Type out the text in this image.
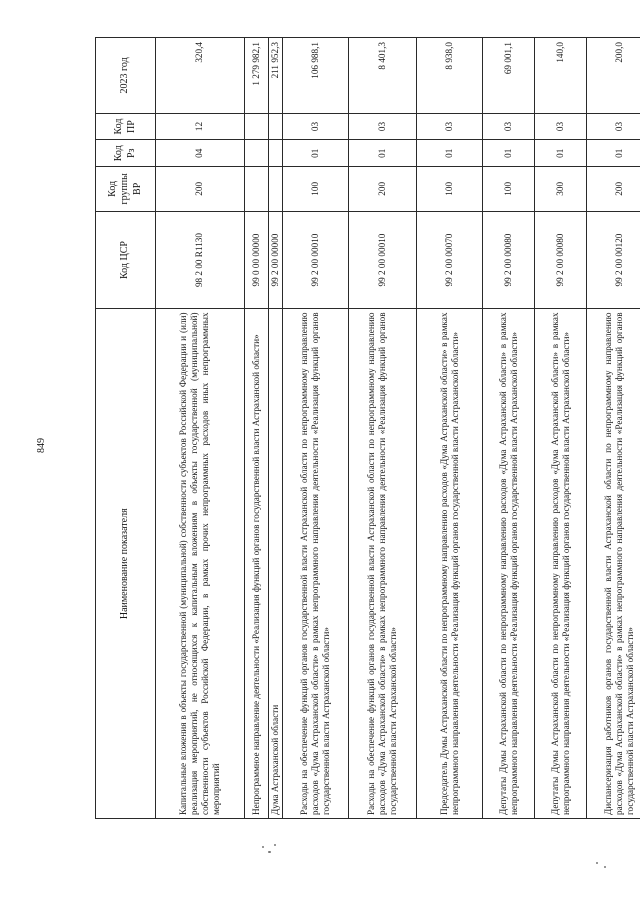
849
Наименование показателя	Код ЦСР	Код группы ВР	Код Рз	Код ПР	2023 год
Капитальные вложения в объекты государственной (муниципальной) собственности субъектов Российской Федерации и (или) реализация мероприятий, не относящихся к капитальным вложениям в объекты государственной (муниципальной) собственности субъектов Российской Федерации, в рамках прочих непрограммных расходов иных непрограммных мероприятий	98 2 00 R1130	200	04	12	320,4
Непрограммное направление деятельности «Реализация функций органов государственной власти Астраханской области»	99 0 00 00000				1 279 982,1
Дума Астраханской области	99 2 00 00000				211 952,3
Расходы на обеспечение функций органов государственной власти Астраханской области по непрограммному направлению расходов «Дума Астраханской области» в рамках непрограммного направления деятельности «Реализация функций органов государственной власти Астраханской области»	99 2 00 00010	100	01	03	106 988,1
Расходы на обеспечение функций органов государственной власти Астраханской области по непрограммному направлению расходов «Дума Астраханской области» в рамках непрограммного направления деятельности «Реализация функций органов государственной власти Астраханской области»	99 2 00 00010	200	01	03	8 401,3
Председатель Думы Астраханской области по непрограммному направлению расходов «Дума Астраханской области» в рамках непрограммного направления деятельности «Реализация функций органов государственной власти Астраханской области»	99 2 00 00070	100	01	03	8 938,0
Депутаты Думы Астраханской области по непрограммному направлению расходов «Дума Астраханской области» в рамках непрограммного направления деятельности «Реализация функций органов государственной власти Астраханской области»	99 2 00 00080	100	01	03	69 001,1
Депутаты Думы Астраханской области по непрограммному направлению расходов «Дума Астраханской области» в рамках непрограммного направления деятельности «Реализация функций органов государственной власти Астраханской области»	99 2 00 00080	300	01	03	140,0
Диспансеризация работников органов государственной власти Астраханской области по непрограммному направлению расходов «Дума Астраханской области» в рамках непрограммного направления деятельности «Реализация функций органов государственной власти Астраханской области»	99 2 00 00120	200	01	03	200,0
